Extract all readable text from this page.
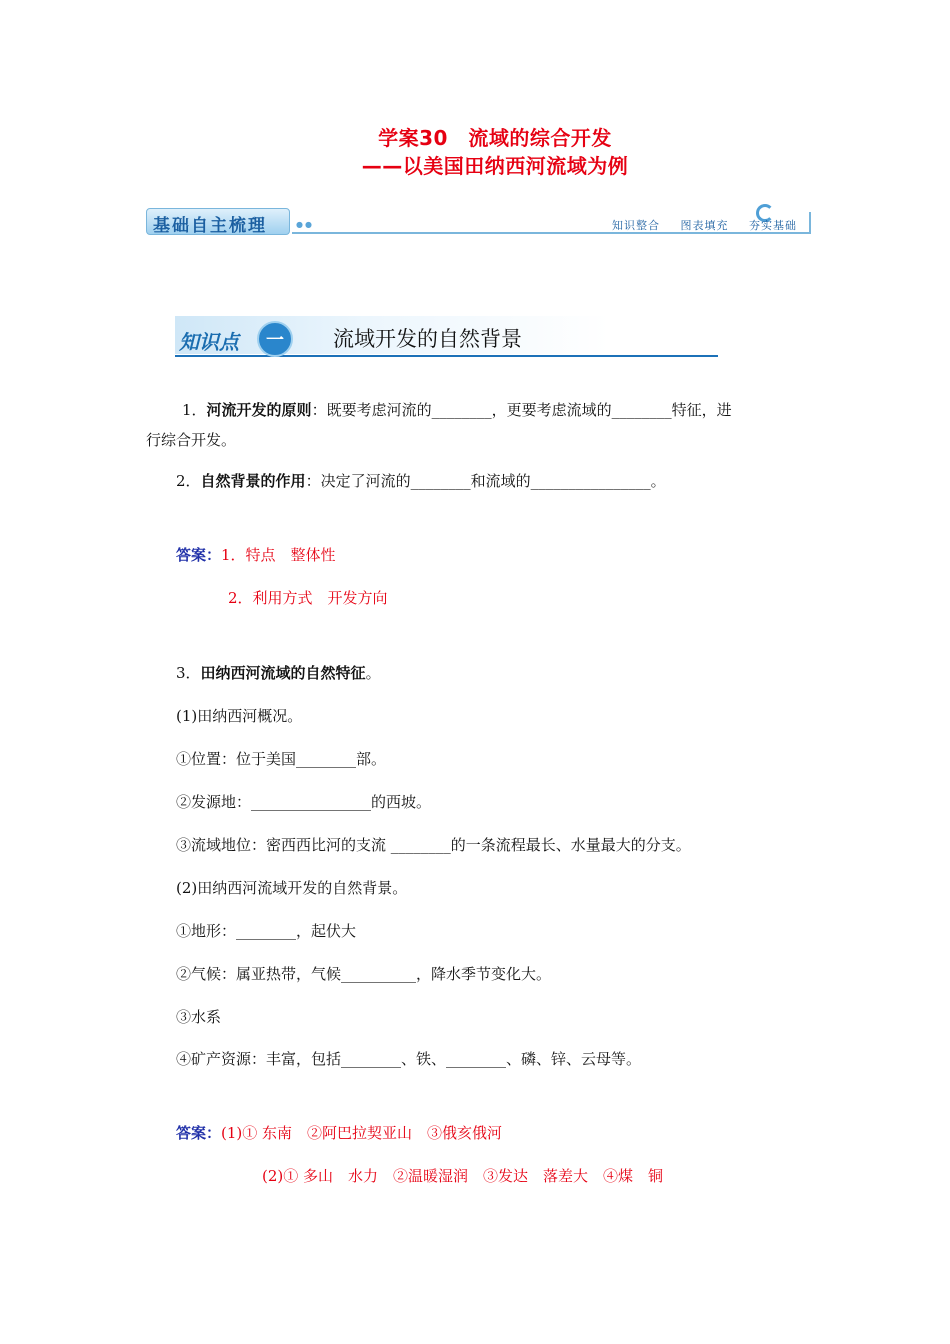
学案30　流域的综合开发
——以美国田纳西河流域为例
基础自主梳理	●●	知识整合 图表填充 夯实基础
知识点	一	流域开发的自然背景
1．河流开发的原则：既要考虑河流的________，更要考虑流域的________特征，进
行综合开发。
2．自然背景的作用：决定了河流的________和流域的________________。
答案：1．特点　整体性
2．利用方式　开发方向
3．田纳西河流域的自然特征。
(1)田纳西河概况。
①位置：位于美国________部。
②发源地：________________的西坡。
③流域地位：密西西比河的支流 ________的一条流程最长、水量最大的分支。
(2)田纳西河流域开发的自然背景。
①地形：________，起伏大
②气候：属亚热带，气候__________，降水季节变化大。
③水系
④矿产资源：丰富，包括________、铁、________、磷、锌、云母等。
答案：(1)① 东南　②阿巴拉契亚山　③俄亥俄河
(2)① 多山　水力　②温暖湿润　③发达　落差大　④煤　铜
